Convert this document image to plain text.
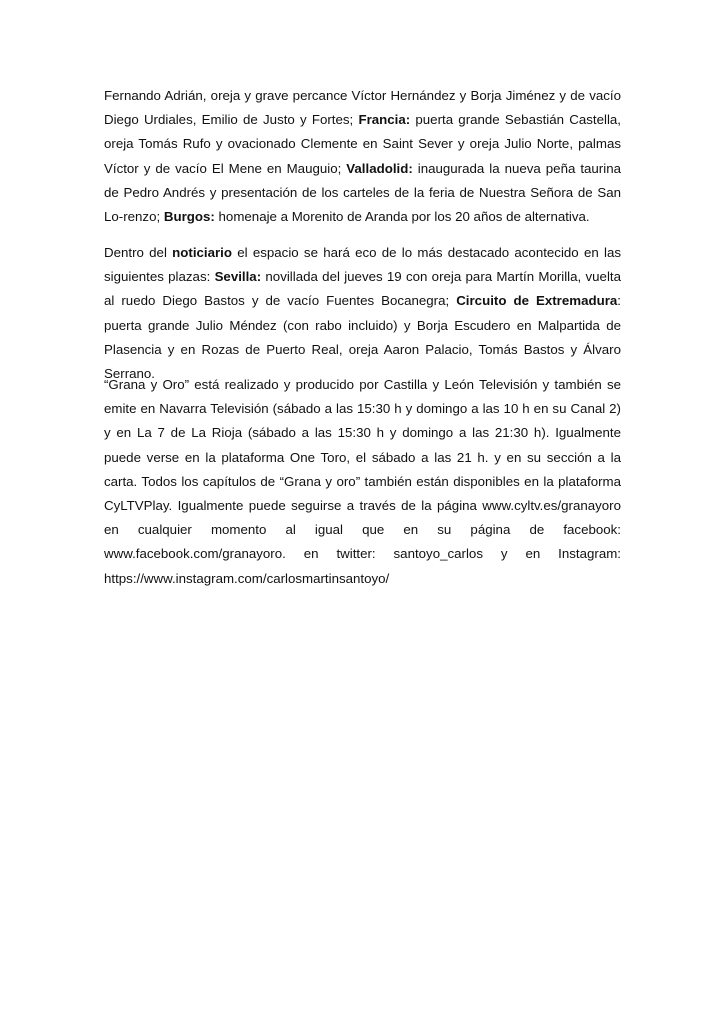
Fernando Adrián, oreja y grave percance Víctor Hernández y Borja Jiménez y de vacío Diego Urdiales, Emilio de Justo y Fortes; Francia: puerta grande Sebastián Castella, oreja Tomás Rufo y ovacionado Clemente en Saint Sever y oreja Julio Norte, palmas Víctor y de vacío El Mene en Mauguio; Valladolid: inaugurada la nueva peña taurina de Pedro Andrés y presentación de los carteles de la feria de Nuestra Señora de San Lo-renzo; Burgos: homenaje a Morenito de Aranda por los 20 años de alternativa.

Dentro del noticiario el espacio se hará eco de lo más destacado acontecido en las siguientes plazas: Sevilla: novillada del jueves 19 con oreja para Martín Morilla, vuelta al ruedo Diego Bastos y de vacío Fuentes Bocanegra; Circuito de Extremadura: puerta grande Julio Méndez (con rabo incluido) y Borja Escudero en Malpartida de Plasencia y en Rozas de Puerto Real, oreja Aaron Palacio, Tomás Bastos y Álvaro Serrano.

“Grana y Oro” está realizado y producido por Castilla y León Televisión y también se emite en Navarra Televisión (sábado a las 15:30 h y domingo a las 10 h en su Canal 2) y en La 7 de La Rioja (sábado a las 15:30 h y domingo a las 21:30 h). Igualmente puede verse en la plataforma One Toro, el sábado a las 21 h. y en su sección a la carta. Todos los capítulos de “Grana y oro” también están disponibles en la plataforma CyLTVPlay. Igualmente puede seguirse a través de la página www.cyltv.es/granayoro en cualquier momento al igual que en su página de facebook: www.facebook.com/granayoro. en twitter: santoyo_carlos y en Instagram: https://www.instagram.com/carlosmartinsantoyo/
